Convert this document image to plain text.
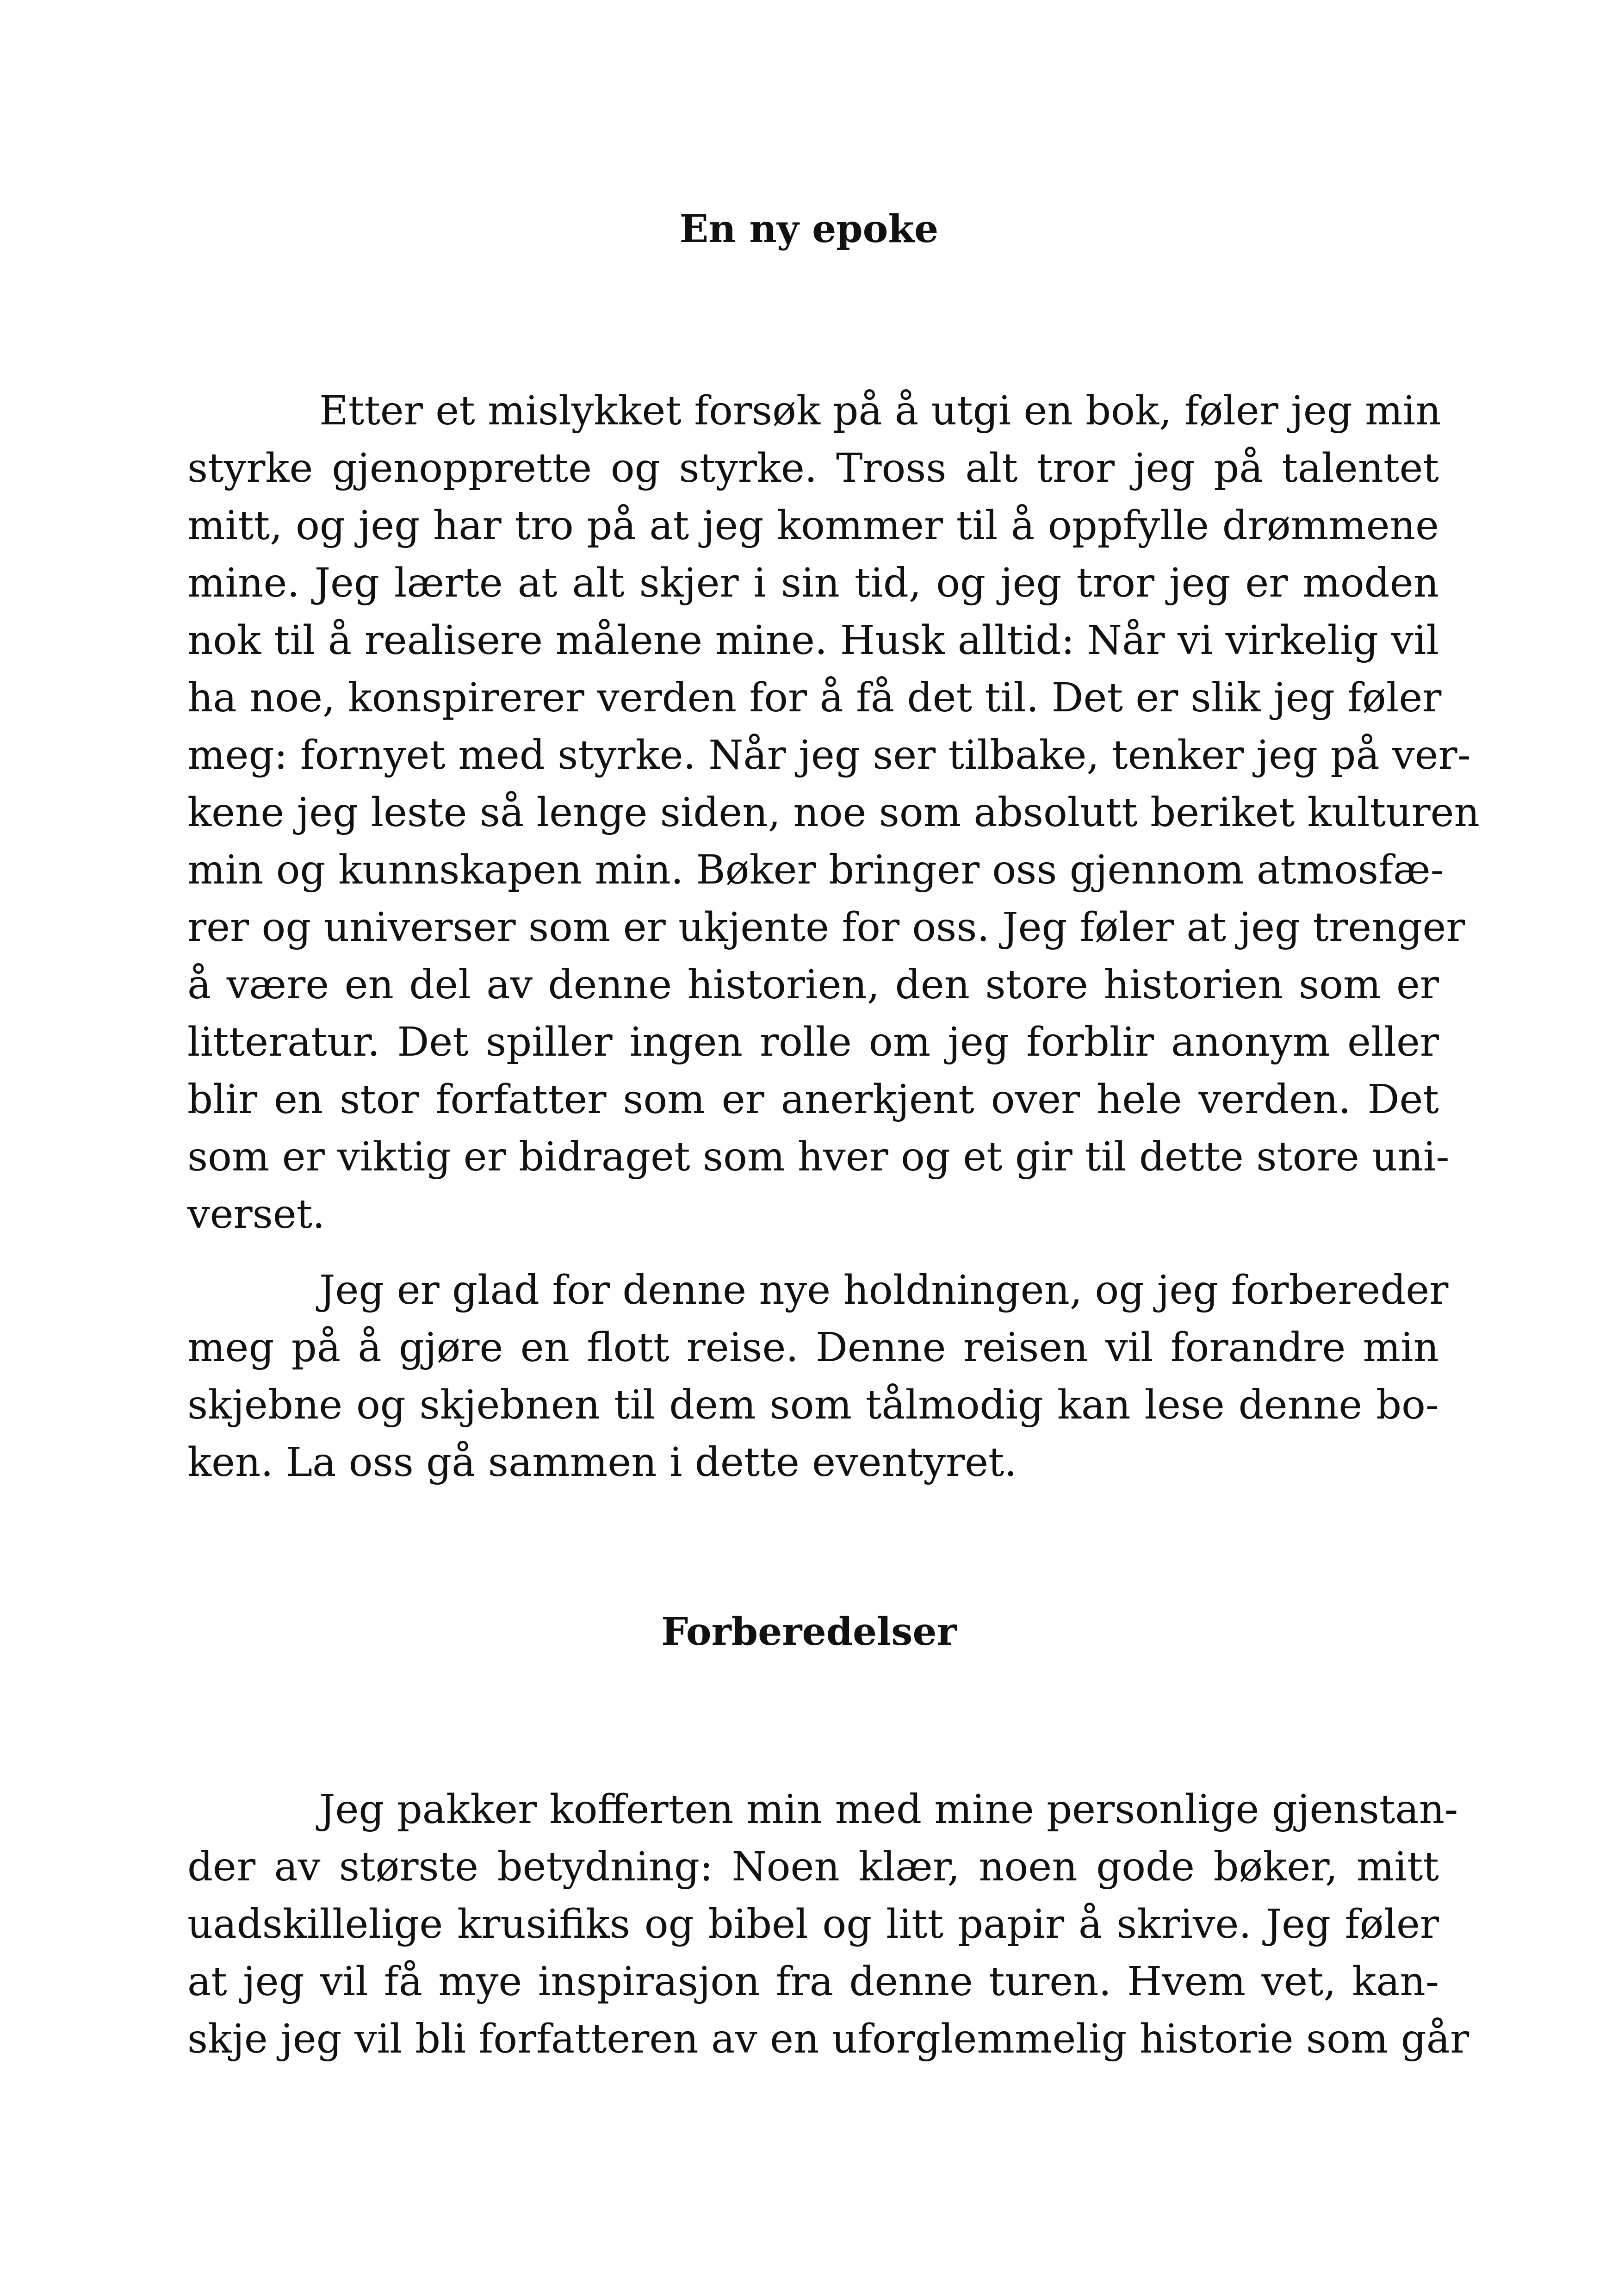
En ny epoke

Etter et mislykket forsøk på å utgi en bok, føler jeg min

styrke gjenopprette og styrke. Tross alt tror jeg på talentet

mitt, og jeg har tro på at jeg kommer til å oppfylle drømmene

mine. Jeg lærte at alt skjer i sin tid, og jeg tror jeg er moden

nok til å realisere målene mine. Husk alltid: Når vi virkelig vil

ha noe, konspirerer verden for å få det til. Det er slik jeg føler

meg: fornyet med styrke. Når jeg ser tilbake, tenker jeg på ver-

kene jeg leste så lenge siden, noe som absolutt beriket kulturen

min og kunnskapen min. Bøker bringer oss gjennom atmosfæ-

rer og universer som er ukjente for oss. Jeg føler at jeg trenger

å være en del av denne historien, den store historien som er

litteratur. Det spiller ingen rolle om jeg forblir anonym eller

blir en stor forfatter som er anerkjent over hele verden. Det

som er viktig er bidraget som hver og et gir til dette store uni-

verset.

Jeg er glad for denne nye holdningen, og jeg forbereder

meg på å gjøre en flott reise. Denne reisen vil forandre min

skjebne og skjebnen til dem som tålmodig kan lese denne bo-

ken. La oss gå sammen i dette eventyret.

Forberedelser

Jeg pakker kofferten min med mine personlige gjenstan-

der av største betydning: Noen klær, noen gode bøker, mitt

uadskillelige krusifiks og bibel og litt papir å skrive. Jeg føler

at jeg vil få mye inspirasjon fra denne turen. Hvem vet, kan-

skje jeg vil bli forfatteren av en uforglemmelig historie som går
